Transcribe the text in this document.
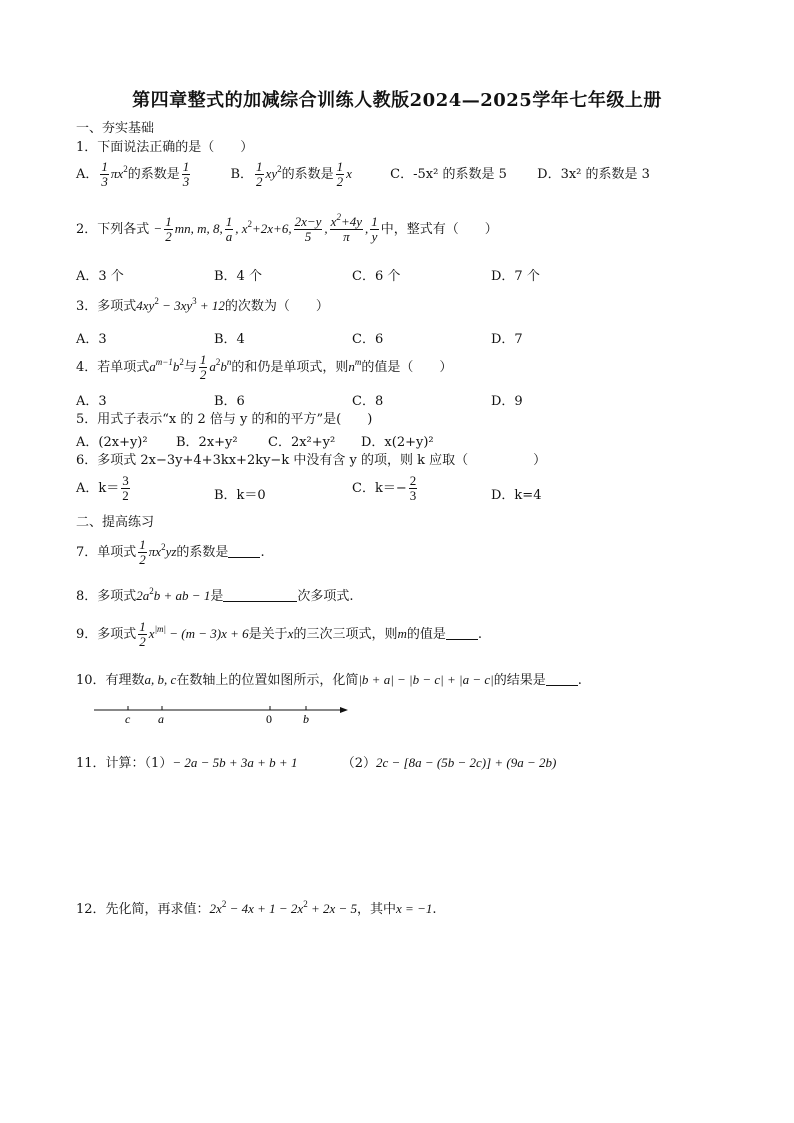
第四章整式的加减综合训练人教版2024—2025学年七年级上册
一、夯实基础
1．下面说法正确的是（　　）
A． $\frac{1}{3} \pi x^2$的系数是 $\frac{1}{3}$	B． $\frac{1}{2} xy^2$的系数是 $\frac{1}{2}$ x	C．-5x² 的系数是 5 D．3x² 的系数是 3
2．下列各式 − $\frac{1}{2}$ mn, m, 8, $\frac{1}{a}$ , $x^2+2x+6$, $\frac{2x-y}{5}$ , $\frac{x^2+4y}{\pi}$ , $\frac{1}{y}$ 中，整式有（　　）
A．3 个	B．4 个	C．6 个	D．7 个
3．多项式$4xy^2 - 3xy^3 + 12$的次数为（　　）
A．3	B．4	C．6	D．7
4．若单项式$a^{m-1}b^2$与 $\frac{1}{2} a^2b^n$的和仍是单项式，则$n^m$的值是（　　）
A．3	B．6	C．8	D．9
5．用式子表示“x 的 2 倍与 y 的和的平方”是(　　)
A．(2x+y)² B．2x+y² C．2x²+y² D．x(2+y)²
6．多项式 2x−3y+4+3kx+2ky−k 中没有含 y 的项，则 k 应取（　　　　　）
A．$k= \frac{3}{2}$	B．k＝0	C．$k=- \frac{2}{3}$	D．k=4
二、提高练习
7．单项式 $\frac{1}{2} \pi x^2yz$的系数是 .
8．多项式$2a^2b$ + ab − 1是	次多项式.
9．多项式 $\frac{1}{2} x^{|m|} - (m - 3)x + 6$是关于x的三次三项式，则m的值是 .
10．有理数a, b, c在数轴上的位置如图所示，化简|b + a| − |b − c| + |a − c|的结果是 .
c a	0	b
11．计算：（1）− 2a − 5b + 3a + b + 1	（2）2c − [8a − (5b − 2c)] + (9a − 2b)
12．先化简，再求值：$2x^2 - 4x + 1 - 2x^2 + 2x - 5$，其中x = −1.
